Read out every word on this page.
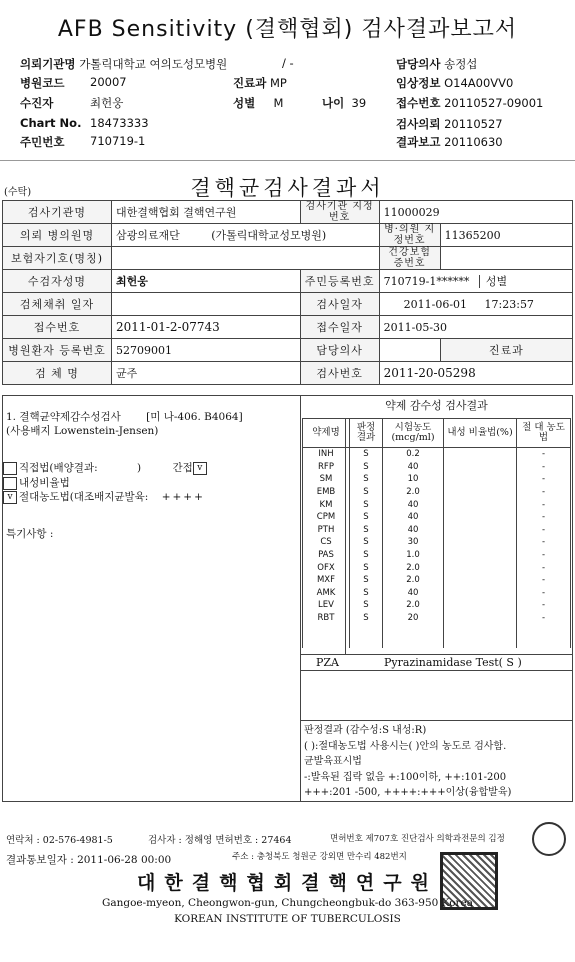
AFB Sensitivity (결핵협회) 검사결과보고서
의뢰기관명 가톨릭대학교 여의도성모병원	/ -	담당의사 송정섭
병원코드 20007	진료과 MP	임상정보 O14A00VV0
수진자	최헌웅	성별 M	나이 39	접수번호 20110527-09001
Chart No. 18473333	검사의뢰 20110527
주민번호 710719-1	결과보고 20110630
(수탁)	결핵균검사결과서
검사기관명	대한결핵협회 결핵연구원	검사기관 지정번호	11000029	
의뢰 병의원명	삼광의료재단 (가톨릭대학교성모병원)		병·의원 지정번호	11365200
보험자기호(명칭)			건강보험 증번호	
수검자성명	최헌웅	주민등록번호	710719-1****** 성별	
검체채취 일자		검사일자	2011-06-01 17:23:57	
접수번호	2011-01-2-07743	접수일자	2011-05-30	
병원환자 등록번호	52709001	담당의사		진료과
검 체 명	균주	검사번호	2011-20-05298	
1. 결핵균약제감수성검사 [미 나-406. B4064]
(사용배지 Lowenstein-Jensen)
직접법(배양결과:	)	간접 v
내성비율법
v 절대농도법(대조배지균발육: ++++
특기사항 :
약제 감수성 검사결과
약제명	판정 결과	시험농도 (mcg/ml)	내성 비율법(%)	절 대 농도법
INH	S	0.2		-
RFP	S	40		-
SM	S	10		-
EMB	S	2.0		-
KM	S	40		-
CPM	S	40		-
PTH	S	40		-
CS	S	30		-
PAS	S	1.0		-
OFX	S	2.0		-
MXF	S	2.0		-
AMK	S	40		-
LEV	S	2.0		-
RBT	S	20		-

PZA	Pyrazinamidase Test( S )
판정결과 (감수성:S 내성:R)
( ):절대농도법 사용시는( )안의 농도로 검사함.
균발육표시법
-:발육된 집락 없음 +:100이하, ++:101-200
+++:201 -500, ++++:+++이상(융합발육)
연락처 : 02-576-4981-5	검사자 : 정해영 면허번호 : 27464	면허번호 제707호 진단검사 의학과전문의 김정
결과통보일자 : 2011-06-28 00:00	주소 : 충청북도 청원군 강외면 만수리 482번지
대한결핵협회결핵연구원
Gangoe-myeon, Cheongwon-gun, Chungcheongbuk-do 363-950 Korea
KOREAN INSTITUTE OF TUBERCULOSIS
